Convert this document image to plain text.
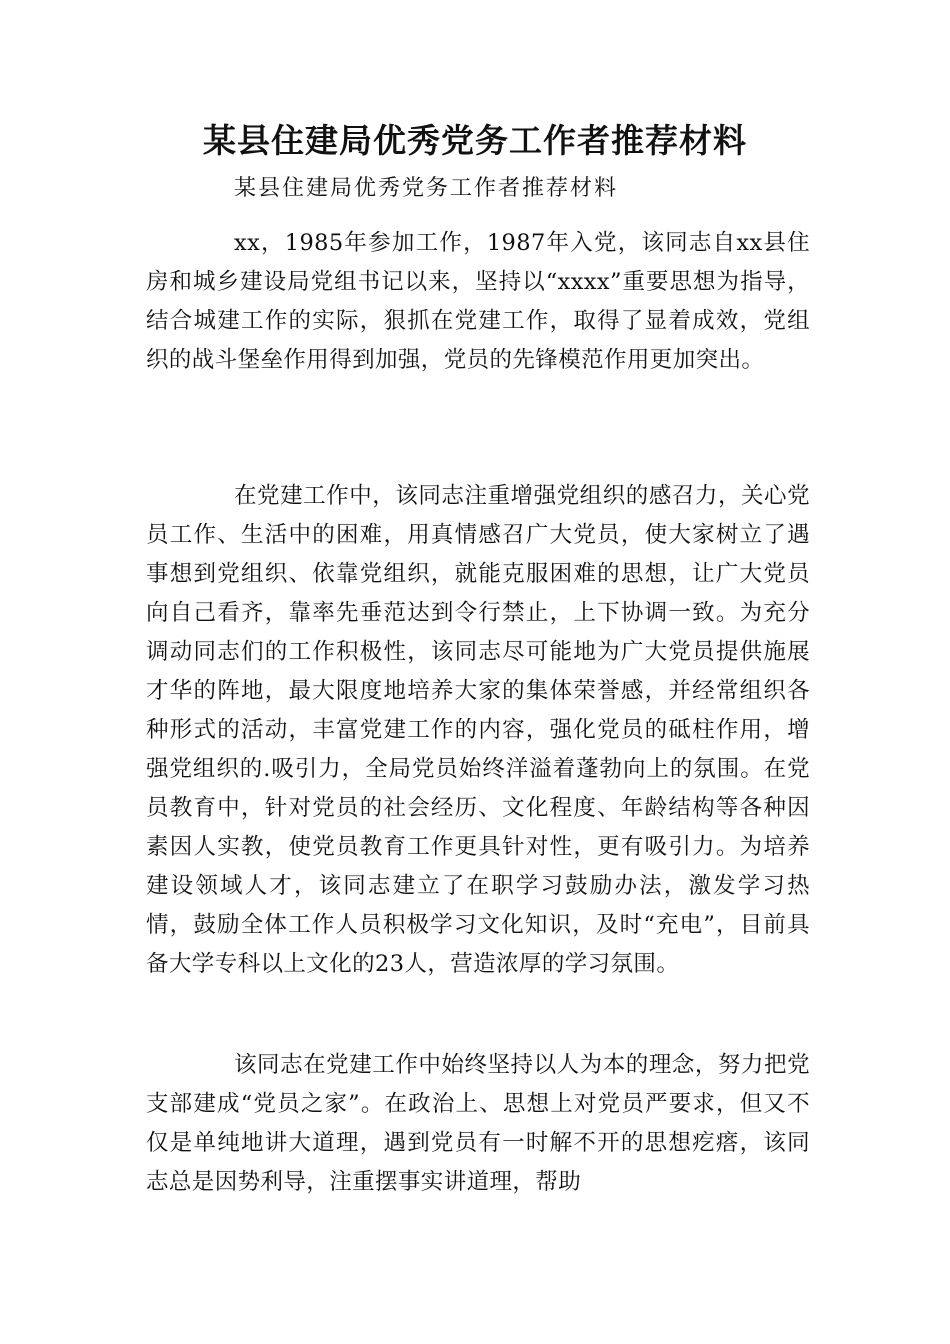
某县住建局优秀党务工作者推荐材料

某县住建局优秀党务工作者推荐材料

xx，1985年参加工作，1987年入党，该同志自xx县住房和城乡建设局党组书记以来，坚持以“xxxx”重要思想为指导，结合城建工作的实际，狠抓在党建工作，取得了显着成效，党组织的战斗堡垒作用得到加强，党员的先锋模范作用更加突出。

在党建工作中，该同志注重增强党组织的感召力，关心党员工作、生活中的困难，用真情感召广大党员，使大家树立了遇事想到党组织、依靠党组织，就能克服困难的思想，让广大党员向自己看齐，靠率先垂范达到令行禁止，上下协调一致。为充分调动同志们的工作积极性，该同志尽可能地为广大党员提供施展才华的阵地，最大限度地培养大家的集体荣誉感，并经常组织各种形式的活动，丰富党建工作的内容，强化党员的砥柱作用，增强党组织的.吸引力，全局党员始终洋溢着蓬勃向上的氛围。在党员教育中，针对党员的社会经历、文化程度、年龄结构等各种因素因人实教，使党员教育工作更具针对性，更有吸引力。为培养建设领域人才，该同志建立了在职学习鼓励办法，激发学习热情，鼓励全体工作人员积极学习文化知识，及时“充电”，目前具备大学专科以上文化的23人，营造浓厚的学习氛围。

该同志在党建工作中始终坚持以人为本的理念，努力把党支部建成“党员之家”。在政治上、思想上对党员严要求，但又不仅是单纯地讲大道理，遇到党员有一时解不开的思想疙瘩，该同志总是因势利导，注重摆事实讲道理，帮助
